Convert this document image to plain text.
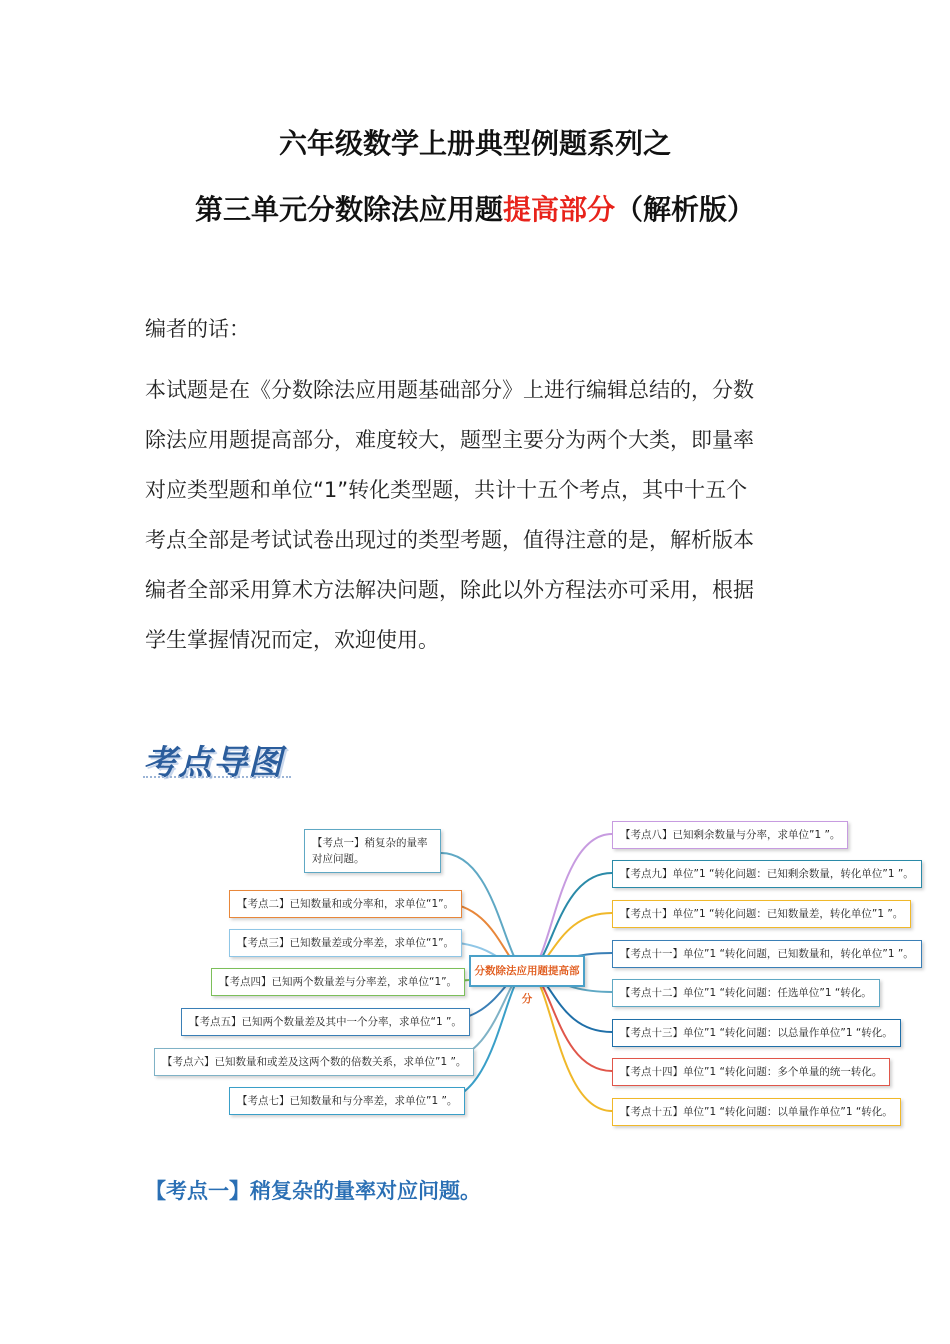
六年级数学上册典型例题系列之
第三单元分数除法应用题提高部分（解析版）
编者的话：
本试题是在《分数除法应用题基础部分》上进行编辑总结的，分数
除法应用题提高部分，难度较大，题型主要分为两个大类，即量率
对应类型题和单位“1”转化类型题，共计十五个考点，其中十五个
考点全部是考试试卷出现过的类型考题，值得注意的是，解析版本
编者全部采用算术方法解决问题，除此以外方程法亦可采用，根据
学生掌握情况而定，欢迎使用。
考点导图
分数除法应用题提高部分
【考点一】稍复杂的量率对应问题。
【考点二】已知数量和或分率和，求单位“1”。
【考点三】已知数量差或分率差，求单位“1”。
【考点四】已知两个数量差与分率差，求单位“1”。
【考点五】已知两个数量差及其中一个分率，求单位“1 ”。
【考点六】已知数量和或差及这两个数的倍数关系，求单位”1 ”。
【考点七】已知数量和与分率差，求单位”1 ”。
【考点八】已知剩余数量与分率，求单位”1 ”。
【考点九】单位”1 “转化问题：已知剩余数量，转化单位”1 ”。
【考点十】单位”1 “转化问题：已知数量差，转化单位”1 ”。
【考点十一】单位”1 “转化问题，已知数量和，转化单位”1 ”。
【考点十二】单位”1 “转化问题：任选单位”1 “转化。
【考点十三】单位”1 “转化问题：以总量作单位”1 “转化。
【考点十四】单位”1 “转化问题：多个单量的统一转化。
【考点十五】单位”1 “转化问题：以单量作单位”1 “转化。
【考点一】稍复杂的量率对应问题。
